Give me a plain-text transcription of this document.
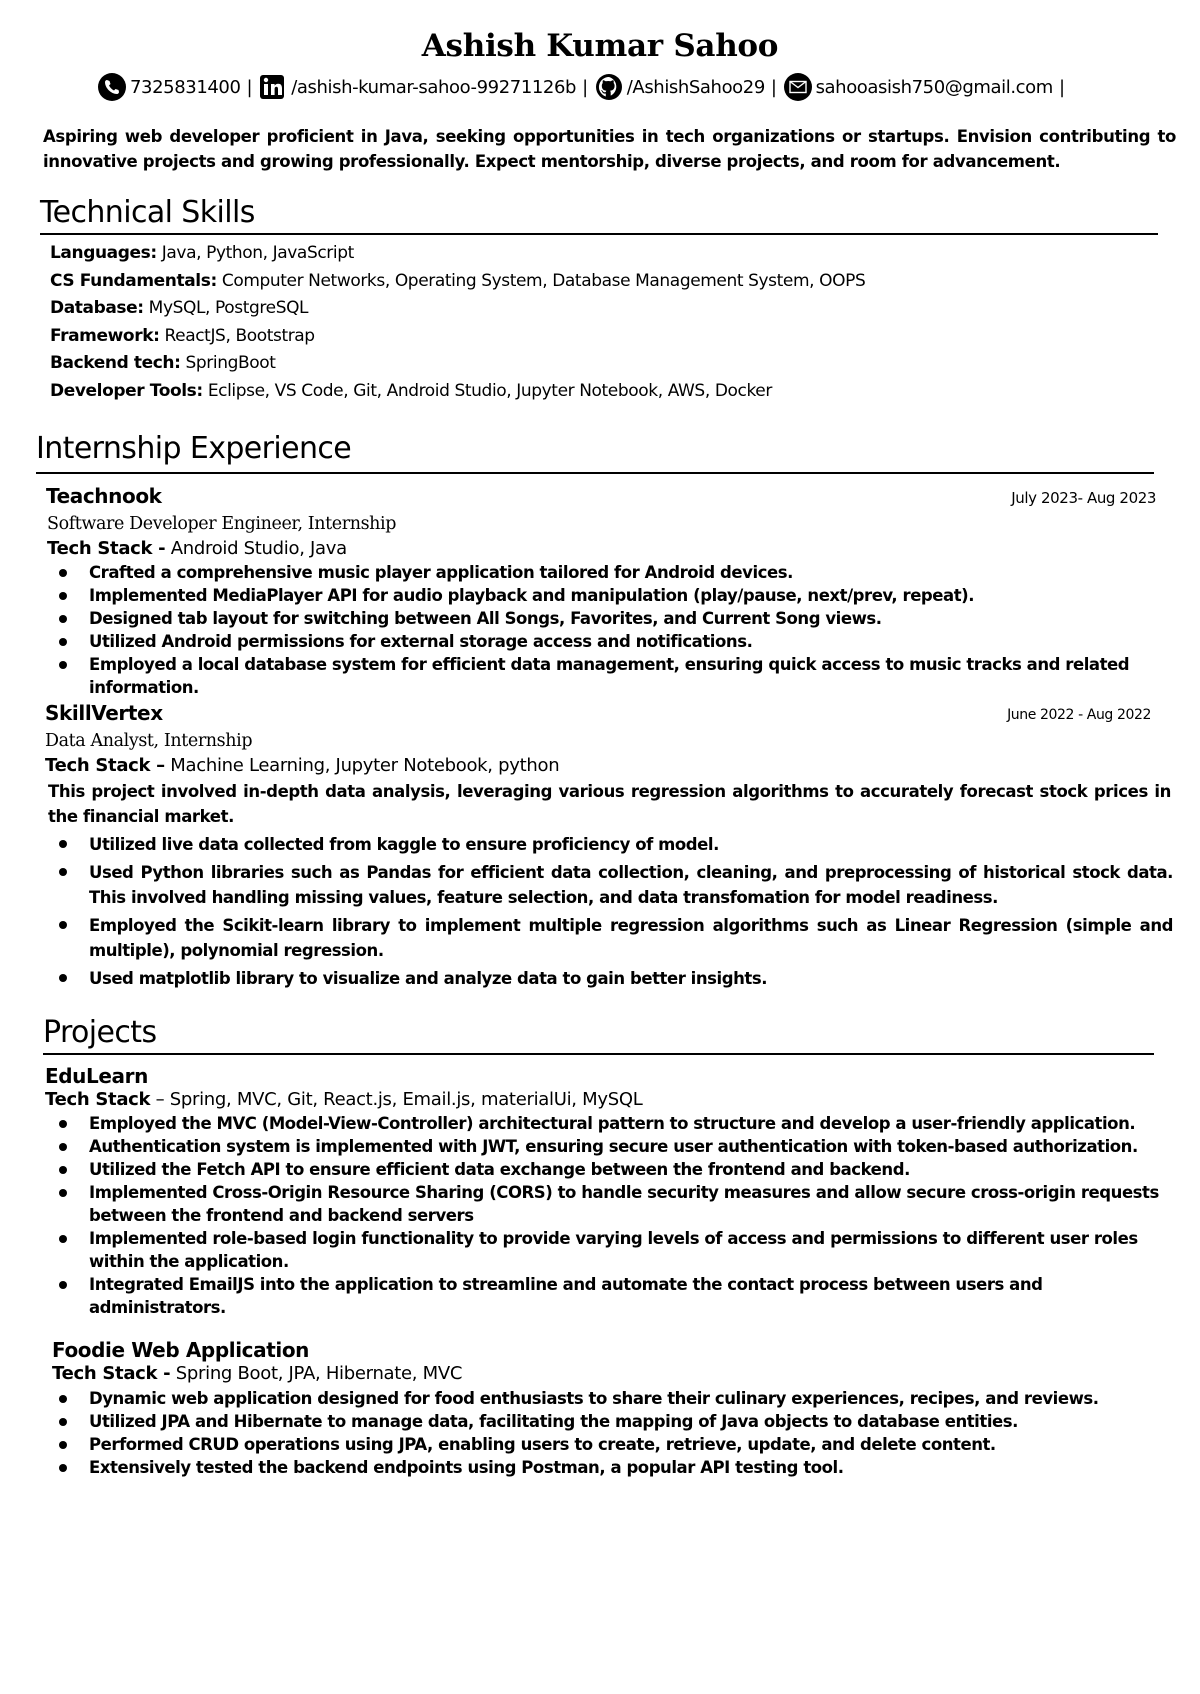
Ashish Kumar Sahoo
7325831400 | /ashish-kumar-sahoo-99271126b | /AshishSahoo29 | sahooasish750@gmail.com |
Aspiring web developer proficient in Java, seeking opportunities in tech organizations or startups. Envision contributing to innovative projects and growing professionally. Expect mentorship, diverse projects, and room for advancement.
Technical Skills
Languages: Java, Python, JavaScript
CS Fundamentals: Computer Networks, Operating System, Database Management System, OOPS
Database: MySQL, PostgreSQL
Framework: ReactJS, Bootstrap
Backend tech: SpringBoot
Developer Tools: Eclipse, VS Code, Git, Android Studio, Jupyter Notebook, AWS, Docker
Internship Experience
Teachnook	July 2023- Aug 2023
Software Developer Engineer, Internship
Tech Stack - Android Studio, Java
Crafted a comprehensive music player application tailored for Android devices.
Implemented MediaPlayer API for audio playback and manipulation (play/pause, next/prev, repeat).
Designed tab layout for switching between All Songs, Favorites, and Current Song views.
Utilized Android permissions for external storage access and notifications.
Employed a local database system for efficient data management, ensuring quick access to music tracks and related information.
SkillVertex	June 2022 - Aug 2022
Data Analyst, Internship
Tech Stack – Machine Learning, Jupyter Notebook, python
This project involved in-depth data analysis, leveraging various regression algorithms to accurately forecast stock prices in the financial market.
Utilized live data collected from kaggle to ensure proficiency of model.
Used Python libraries such as Pandas for efficient data collection, cleaning, and preprocessing of historical stock data. This involved handling missing values, feature selection, and data transfomation for model readiness.
Employed the Scikit-learn library to implement multiple regression algorithms such as Linear Regression (simple and multiple), polynomial regression.
Used matplotlib library to visualize and analyze data to gain better insights.
Projects
EduLearn
Tech Stack – Spring, MVC, Git, React.js, Email.js, materialUi, MySQL
Employed the MVC (Model-View-Controller) architectural pattern to structure and develop a user-friendly application.
Authentication system is implemented with JWT, ensuring secure user authentication with token-based authorization.
Utilized the Fetch API to ensure efficient data exchange between the frontend and backend.
Implemented Cross-Origin Resource Sharing (CORS) to handle security measures and allow secure cross-origin requests between the frontend and backend servers
Implemented role-based login functionality to provide varying levels of access and permissions to different user roles within the application.
Integrated EmailJS into the application to streamline and automate the contact process between users and administrators.
Foodie Web Application
Tech Stack - Spring Boot, JPA, Hibernate, MVC
Dynamic web application designed for food enthusiasts to share their culinary experiences, recipes, and reviews.
Utilized JPA and Hibernate to manage data, facilitating the mapping of Java objects to database entities.
Performed CRUD operations using JPA, enabling users to create, retrieve, update, and delete content.
Extensively tested the backend endpoints using Postman, a popular API testing tool.
